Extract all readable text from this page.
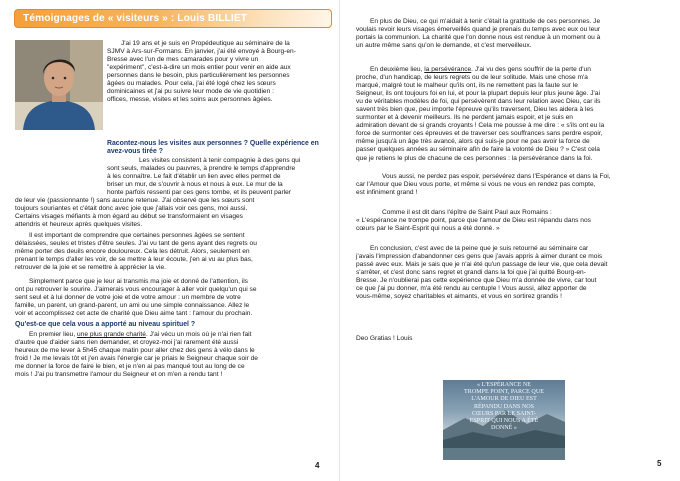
Témoignages de « visiteurs » : Louis BILLIET
J'ai 19 ans et je suis en Propédeutique au séminaire de la
SJMV à Ars-sur-Formans. En janvier, j'ai été envoyé à Bourg-en-
Bresse avec l'un de mes camarades pour y vivre un
"expériment", c'est-à-dire un mois entier pour venir en aide aux
personnes dans le besoin, plus particulièrement les personnes
âgées ou malades. Pour cela, j'ai été logé chez les sœurs
dominicaines et j'ai pu suivre leur mode de vie quotidien :
offices, messe, visites et les soins aux personnes âgées.
Racontez-nous les visites aux personnes ? Quelle expérience en
avez-vous tirée ?
Les visites consistent à tenir compagnie à des gens qui
sont seuls, malades ou pauvres, à prendre le temps d'apprendre
à les connaître. Le fait d'établir un lien avec elles permet de
briser un mur, de s'ouvrir à nous et nous à eux. Le mur de la
honte parfois ressenti par ces gens tombe, et ils peuvent parler
de leur vie (passionnante !) sans aucune retenue. J'ai observé que les sœurs sont
toujours souriantes et c'était donc avec joie que j'allais voir ces gens, moi aussi.
Certains visages méfiants à mon égard au début se transformaient en visages
attendris et heureux après quelques visites.
Il est important de comprendre que certaines personnes âgées se sentent
délaissées, seules et tristes d'être seules. J'ai vu tant de gens ayant des regrets ou
même porter des deuils encore douloureux. Cela les détruit. Alors, seulement en
prenant le temps d'aller les voir, de se mettre à leur écoute, j'en ai vu au plus bas,
retrouver de la joie et se remettre à apprécier la vie.
Simplement parce que je leur ai transmis ma joie et donné de l'attention, ils
ont pu retrouver le sourire. J'aimerais vous encourager à aller voir quelqu'un qui se
sent seul et à lui donner de votre joie et de votre amour : un membre de votre
famille, un parent, un grand-parent, un ami ou une simple connaissance. Allez le
voir et accomplissez cet acte de charité que Dieu aime tant : l'amour du prochain.
Qu'est-ce que cela vous a apporté au niveau spirituel ?
En premier lieu, une plus grande charité. J'ai vécu un mois où je n'ai rien fait
d'autre que d'aider sans rien demander, et croyez-moi j'ai rarement été aussi
heureux de me lever à 5h45 chaque matin pour aller chez des gens à vélo dans le
froid ! Je me levais tôt et j'en avais l'énergie car je priais le Seigneur chaque soir de
me donner la force de faire le bien, et je n'en ai pas manqué tout au long de ce
mois ! J'ai pu transmettre l'amour du Seigneur et on m'en a rendu tant !
4
En plus de Dieu, ce qui m'aidait à tenir c'était la gratitude de ces personnes. Je
voulais revoir leurs visages émerveillés quand je prenais du temps avec eux ou leur
portais la communion. La charité que l'on donne nous est rendue à un moment ou à
un autre même sans qu'on le demande, et c'est merveilleux.
En deuxième lieu, la persévérance. J'ai vu des gens souffrir de la perte d'un
proche, d'un handicap, de leurs regrets ou de leur solitude. Mais une chose m'a
marqué, malgré tout le malheur qu'ils ont, ils ne remettent pas la faute sur le
Seigneur, ils ont toujours foi en lui, et pour la plupart depuis leur plus jeune âge. J'ai
vu de véritables modèles de foi, qui persévèrent dans leur relation avec Dieu, car ils
savent très bien que, peu importe l'épreuve qu'ils traversent, Dieu les aidera à les
surmonter et à devenir meilleurs. Ils ne perdent jamais espoir, et je suis en
admiration devant de si grands croyants ! Cela me pousse à me dire : « s'ils ont eu la
force de surmonter ces épreuves et de traverser ces souffrances sans perdre espoir,
même jusqu'à un âge très avancé, alors qui suis-je pour ne pas avoir la force de
passer quelques années au séminaire afin de faire la volonté de Dieu ? » C'est cela
que je retiens le plus de chacune de ces personnes : la persévérance dans la foi.
Vous aussi, ne perdez pas espoir, persévérez dans l'Espérance et dans la Foi,
car l'Amour que Dieu vous porte, et même si vous ne vous en rendez pas compte,
est infiniment grand !
Comme il est dit dans l'épître de Saint Paul aux Romains :
« L'espérance ne trompe point, parce que l'amour de Dieu est répandu dans nos
cœurs par le Saint-Esprit qui nous a été donné. »
En conclusion, c'est avec de la peine que je suis retourné au séminaire car
j'avais l'impression d'abandonner ces gens que j'avais appris à aimer durant ce mois
passé avec eux. Mais je sais que je n'ai été qu'un passage de leur vie, que cela devait
s'arrêter, et c'est donc sans regret et grandi dans la foi que j'ai quitté Bourg-en-
Bresse. Je n'oublierai pas cette expérience que Dieu m'a donnée de vivre, car tout
ce que j'ai pu donner, m'a été rendu au centuple ! Vous aussi, allez apporter de
vous-même, soyez charitables et aimants, et vous en sortirez grandis !
Deo Gratias ! Louis
« L'ESPÉRANCE NE
TROMPE POINT, PARCE QUE
L'AMOUR DE DIEU EST
RÉPANDU DANS NOS
CŒURS PAR LE SAINT-
ESPRIT QUI NOUS A ÉTÉ
DONNÉ »
5
